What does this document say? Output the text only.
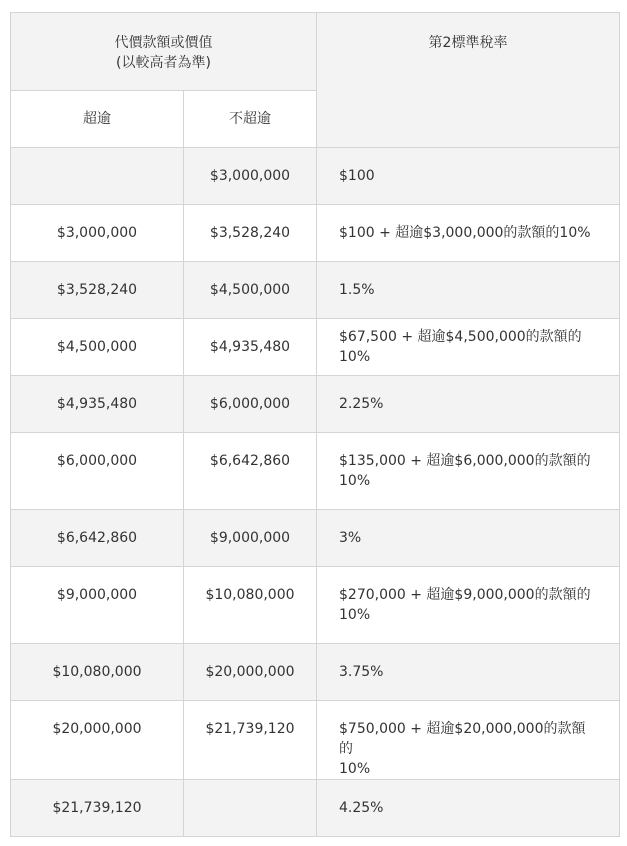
代價款額或價值
(以較高者為準)		第2標準稅率
超逾	不超逾	
	$3,000,000	$100

$3,000,000	$3,528,240	$100 + 超逾$3,000,000的款額的10%

$3,528,240	$4,500,000	1.5%

$4,500,000	$4,935,480	$67,500 + 超逾$4,500,000的款額的10%

$4,935,480	$6,000,000	2.25%

$6,000,000	$6,642,860	$135,000 + 超逾$6,000,000的款額的
10%

$6,642,860	$9,000,000	3%

$9,000,000	$10,080,000	$270,000 + 超逾$9,000,000的款額的
10%

$10,080,000	$20,000,000	3.75%

$20,000,000	$21,739,120	$750,000 + 超逾$20,000,000的款額的
10%

$21,739,120		4.25%
